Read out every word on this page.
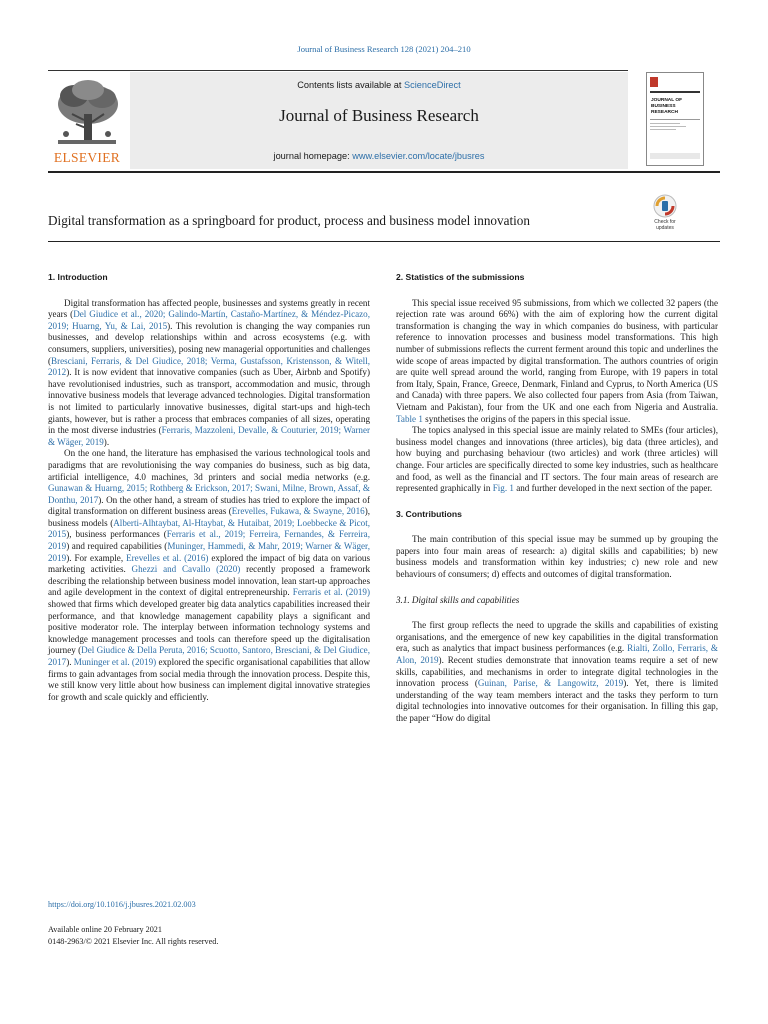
Journal of Business Research 128 (2021) 204–210
Contents lists available at ScienceDirect
Journal of Business Research
journal homepage: www.elsevier.com/locate/jbusres
ELSEVIER
JOURNAL OF
BUSINESS
RESEARCH
Digital transformation as a springboard for product, process and business model innovation	Check for
updates
1. Introduction

Digital transformation has affected people, businesses and systems greatly in recent years (Del Giudice et al., 2020; Galindo-Martín, Castaño-Martínez, & Méndez-Picazo, 2019; Huarng, Yu, & Lai, 2015). This revolution is changing the way companies run businesses, and develop relationships within and across ecosystems (e.g. with consumers, suppliers, universities), posing new managerial opportunities and challenges (Bresciani, Ferraris, & Del Giudice, 2018; Verma, Gustafsson, Kristensson, & Witell, 2012). It is now evident that innovative companies (such as Uber, Airbnb and Spotify) have revolutionised industries, such as transport, accommodation and music, through innovative business models that leverage advanced technologies. Digital transformation is not limited to particularly innovative businesses, digital start-ups and high-tech giants, however, but is rather a process that embraces companies of all sizes, operating in the most diverse industries (Ferraris, Mazzoleni, Devalle, & Couturier, 2019; Warner & Wäger, 2019).

On the one hand, the literature has emphasised the various technological tools and paradigms that are revolutionising the way companies do business, such as big data, artificial intelligence, 4.0 machines, 3d printers and social media networks (e.g. Gunawan & Huarng, 2015; Rothberg & Erickson, 2017; Swani, Milne, Brown, Assaf, & Donthu, 2017). On the other hand, a stream of studies has tried to explore the impact of digital transformation on different business areas (Erevelles, Fukawa, & Swayne, 2016), business models (Alberti-Alhtaybat, Al-Htaybat, & Hutaibat, 2019; Loebbecke & Picot, 2015), business performances (Ferraris et al., 2019; Ferreira, Fernandes, & Ferreira, 2019) and required capabilities (Muninger, Hammedi, & Mahr, 2019; Warner & Wäger, 2019). For example, Erevelles et al. (2016) explored the impact of big data on various marketing activities. Ghezzi and Cavallo (2020) recently proposed a framework describing the relationship between business model innovation, lean start-up approaches and agile development in the context of digital entrepreneurship. Ferraris et al. (2019) showed that firms which developed greater big data analytics capabilities increased their performance, and that knowledge management capability plays a significant and positive moderator role. The interplay between information technology systems and knowledge management processes and tools can therefore speed up the digitalisation journey (Del Giudice & Della Peruta, 2016; Scuotto, Santoro, Bresciani, & Del Giudice, 2017). Muninger et al. (2019) explored the specific organisational capabilities that allow firms to gain advantages from social media through the innovation process. Despite this, we still know very little about how business can implement digital innovative strategies for growth and scale quickly and efficiently.

2. Statistics of the submissions

This special issue received 95 submissions, from which we collected 32 papers (the rejection rate was around 66%) with the aim of exploring how the current digital transformation is changing the way in which companies do business, with particular reference to innovation processes and business model transformations. This high number of submissions reflects the current ferment around this topic and underlines the wide scope of areas impacted by digital transformation. The authors countries of origin are quite well spread around the world, ranging from Europe, with 19 papers in total from Italy, Spain, France, Greece, Denmark, Finland and Cyprus, to North America (US and Canada) with three papers. We also collected four papers from Asia (from Taiwan, Vietnam and Pakistan), four from the UK and one each from Nigeria and Australia. Table 1 synthetises the origins of the papers in this special issue.

The topics analysed in this special issue are mainly related to SMEs (four articles), business model changes and innovations (three articles), big data (three articles), and how buying and purchasing behaviour (two articles) and work (three articles) will change. Four articles are specifically directed to some key industries, such as healthcare and food, as well as the financial and IT sectors. The four main areas of research are represented graphically in Fig. 1 and further developed in the next section of the paper.

3. Contributions

The main contribution of this special issue may be summed up by grouping the papers into four main areas of research: a) digital skills and capabilities; b) new business models and transformation within key industries; c) new role and new behaviours of consumers; d) effects and outcomes of digital transformation.

3.1. Digital skills and capabilities

The first group reflects the need to upgrade the skills and capabilities of existing organisations, and the emergence of new key capabilities in the digital transformation era, such as analytics that impact business performances (e.g. Rialti, Zollo, Ferraris, & Alon, 2019). Recent studies demonstrate that innovation teams require a set of new skills, capabilities, and mechanisms in order to integrate digital technologies in the innovation process (Guinan, Parise, & Langowitz, 2019). Yet, there is limited understanding of the way team members interact and the tasks they perform to turn digital technologies into innovative outcomes for their organisation. In filling this gap, the paper “How do digital

https://doi.org/10.1016/j.jbusres.2021.02.003
Available online 20 February 2021
0148-2963/© 2021 Elsevier Inc. All rights reserved.
